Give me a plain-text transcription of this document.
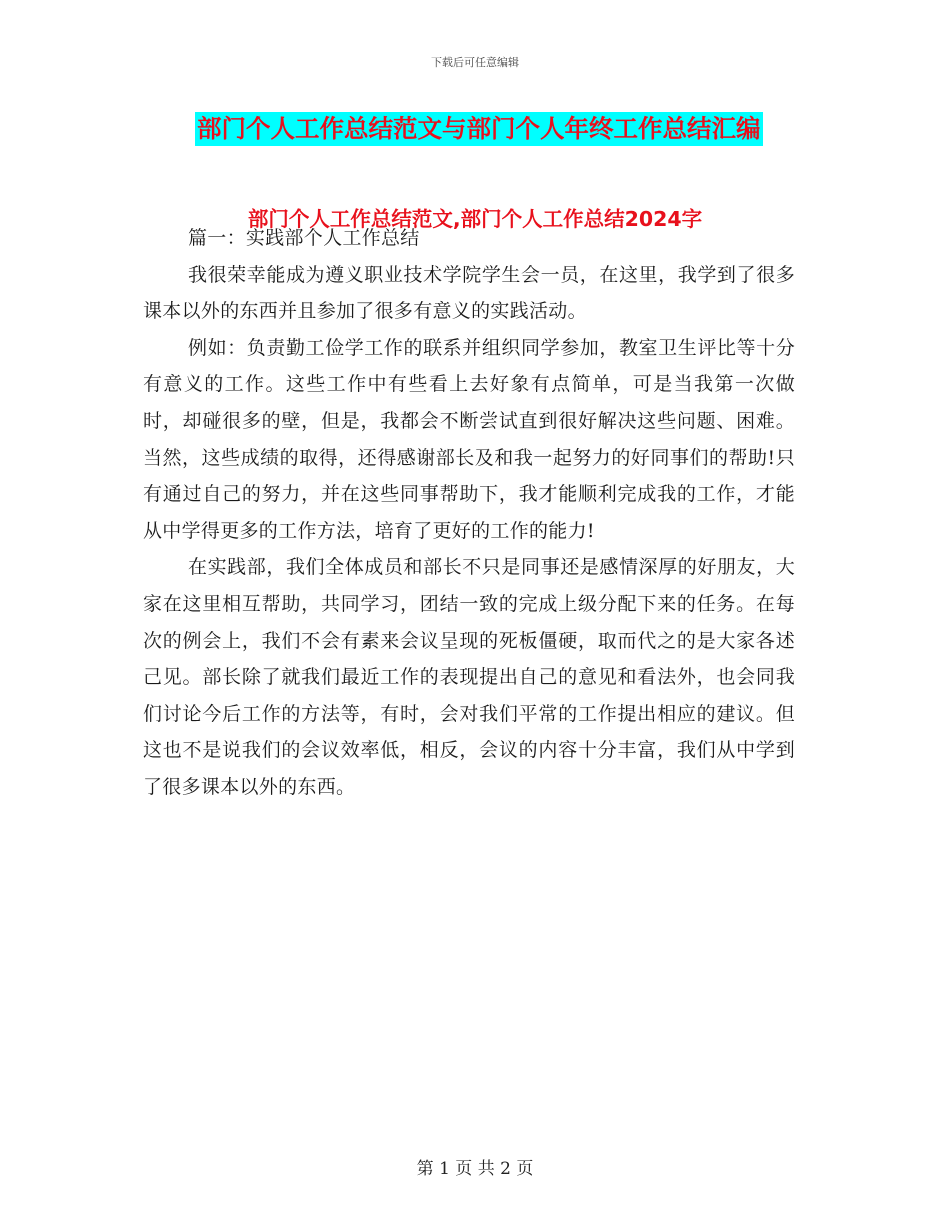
下载后可任意编辑
部门个人工作总结范文与部门个人年终工作总结汇编
部门个人工作总结范文,部门个人工作总结2024字

篇一：实践部个人工作总结

我很荣幸能成为遵义职业技术学院学生会一员，在这里，我学到了很多课本以外的东西并且参加了很多有意义的实践活动。

例如：负责勤工俭学工作的联系并组织同学参加，教室卫生评比等十分有意义的工作。这些工作中有些看上去好象有点简单，可是当我第一次做时，却碰很多的壁，但是，我都会不断尝试直到很好解决这些问题、困难。当然，这些成绩的取得，还得感谢部长及和我一起努力的好同事们的帮助!只有通过自己的努力，并在这些同事帮助下，我才能顺利完成我的工作，才能从中学得更多的工作方法，培育了更好的工作的能力!

在实践部，我们全体成员和部长不只是同事还是感情深厚的好朋友，大家在这里相互帮助，共同学习，团结一致的完成上级分配下来的任务。在每次的例会上，我们不会有素来会议呈现的死板僵硬，取而代之的是大家各述己见。部长除了就我们最近工作的表现提出自己的意见和看法外，也会同我们讨论今后工作的方法等，有时，会对我们平常的工作提出相应的建议。但这也不是说我们的会议效率低，相反，会议的内容十分丰富，我们从中学到了很多课本以外的东西。

第 1 页 共 2 页
